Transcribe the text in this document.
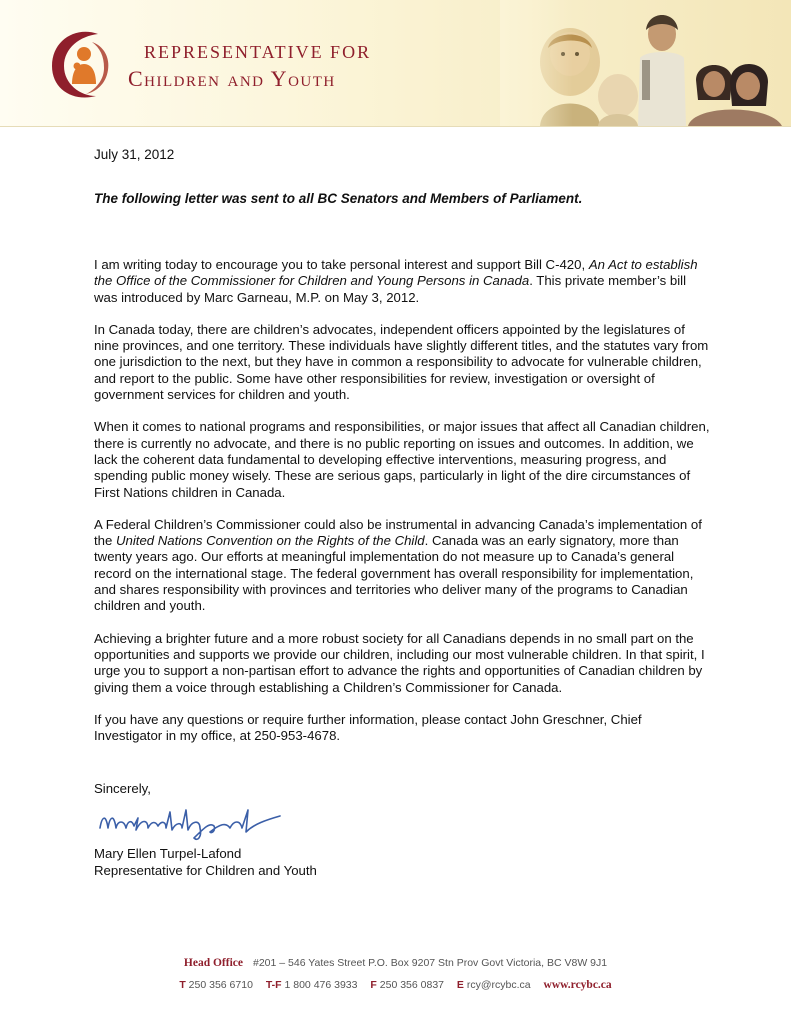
REPRESENTATIVE FOR
Children and Youth
July 31, 2012
The following letter was sent to all BC Senators and Members of Parliament.

I am writing today to encourage you to take personal interest and support Bill C-420, An Act to establish the Office of the Commissioner for Children and Young Persons in Canada. This private member’s bill was introduced by Marc Garneau, M.P. on May 3, 2012.

In Canada today, there are children’s advocates, independent officers appointed by the legislatures of nine provinces, and one territory. These individuals have slightly different titles, and the statutes vary from one jurisdiction to the next, but they have in common a responsibility to advocate for vulnerable children, and report to the public. Some have other responsibilities for review, investigation or oversight of government services for children and youth.

When it comes to national programs and responsibilities, or major issues that affect all Canadian children, there is currently no advocate, and there is no public reporting on issues and outcomes. In addition, we lack the coherent data fundamental to developing effective interventions, measuring progress, and spending public money wisely. These are serious gaps, particularly in light of the dire circumstances of First Nations children in Canada.

A Federal Children’s Commissioner could also be instrumental in advancing Canada’s implementation of the United Nations Convention on the Rights of the Child. Canada was an early signatory, more than twenty years ago. Our efforts at meaningful implementation do not measure up to Canada’s general record on the international stage. The federal government has overall responsibility for implementation, and shares responsibility with provinces and territories who deliver many of the programs to Canadian children and youth.

Achieving a brighter future and a more robust society for all Canadians depends in no small part on the opportunities and supports we provide our children, including our most vulnerable children. In that spirit, I urge you to support a non-partisan effort to advance the rights and opportunities of Canadian children by giving them a voice through establishing a Children’s Commissioner for Canada.

If you have any questions or require further information, please contact John Greschner, Chief Investigator in my office, at 250-953-4678.

Sincerely,
Mary Ellen Turpel-Lafond
Representative for Children and Youth
Head Office #201 – 546 Yates Street P.O. Box 9207 Stn Prov Govt Victoria, BC V8W 9J1
T 250 356 6710 T-F 1 800 476 3933 F 250 356 0837 E rcy@rcybc.ca www.rcybc.ca
